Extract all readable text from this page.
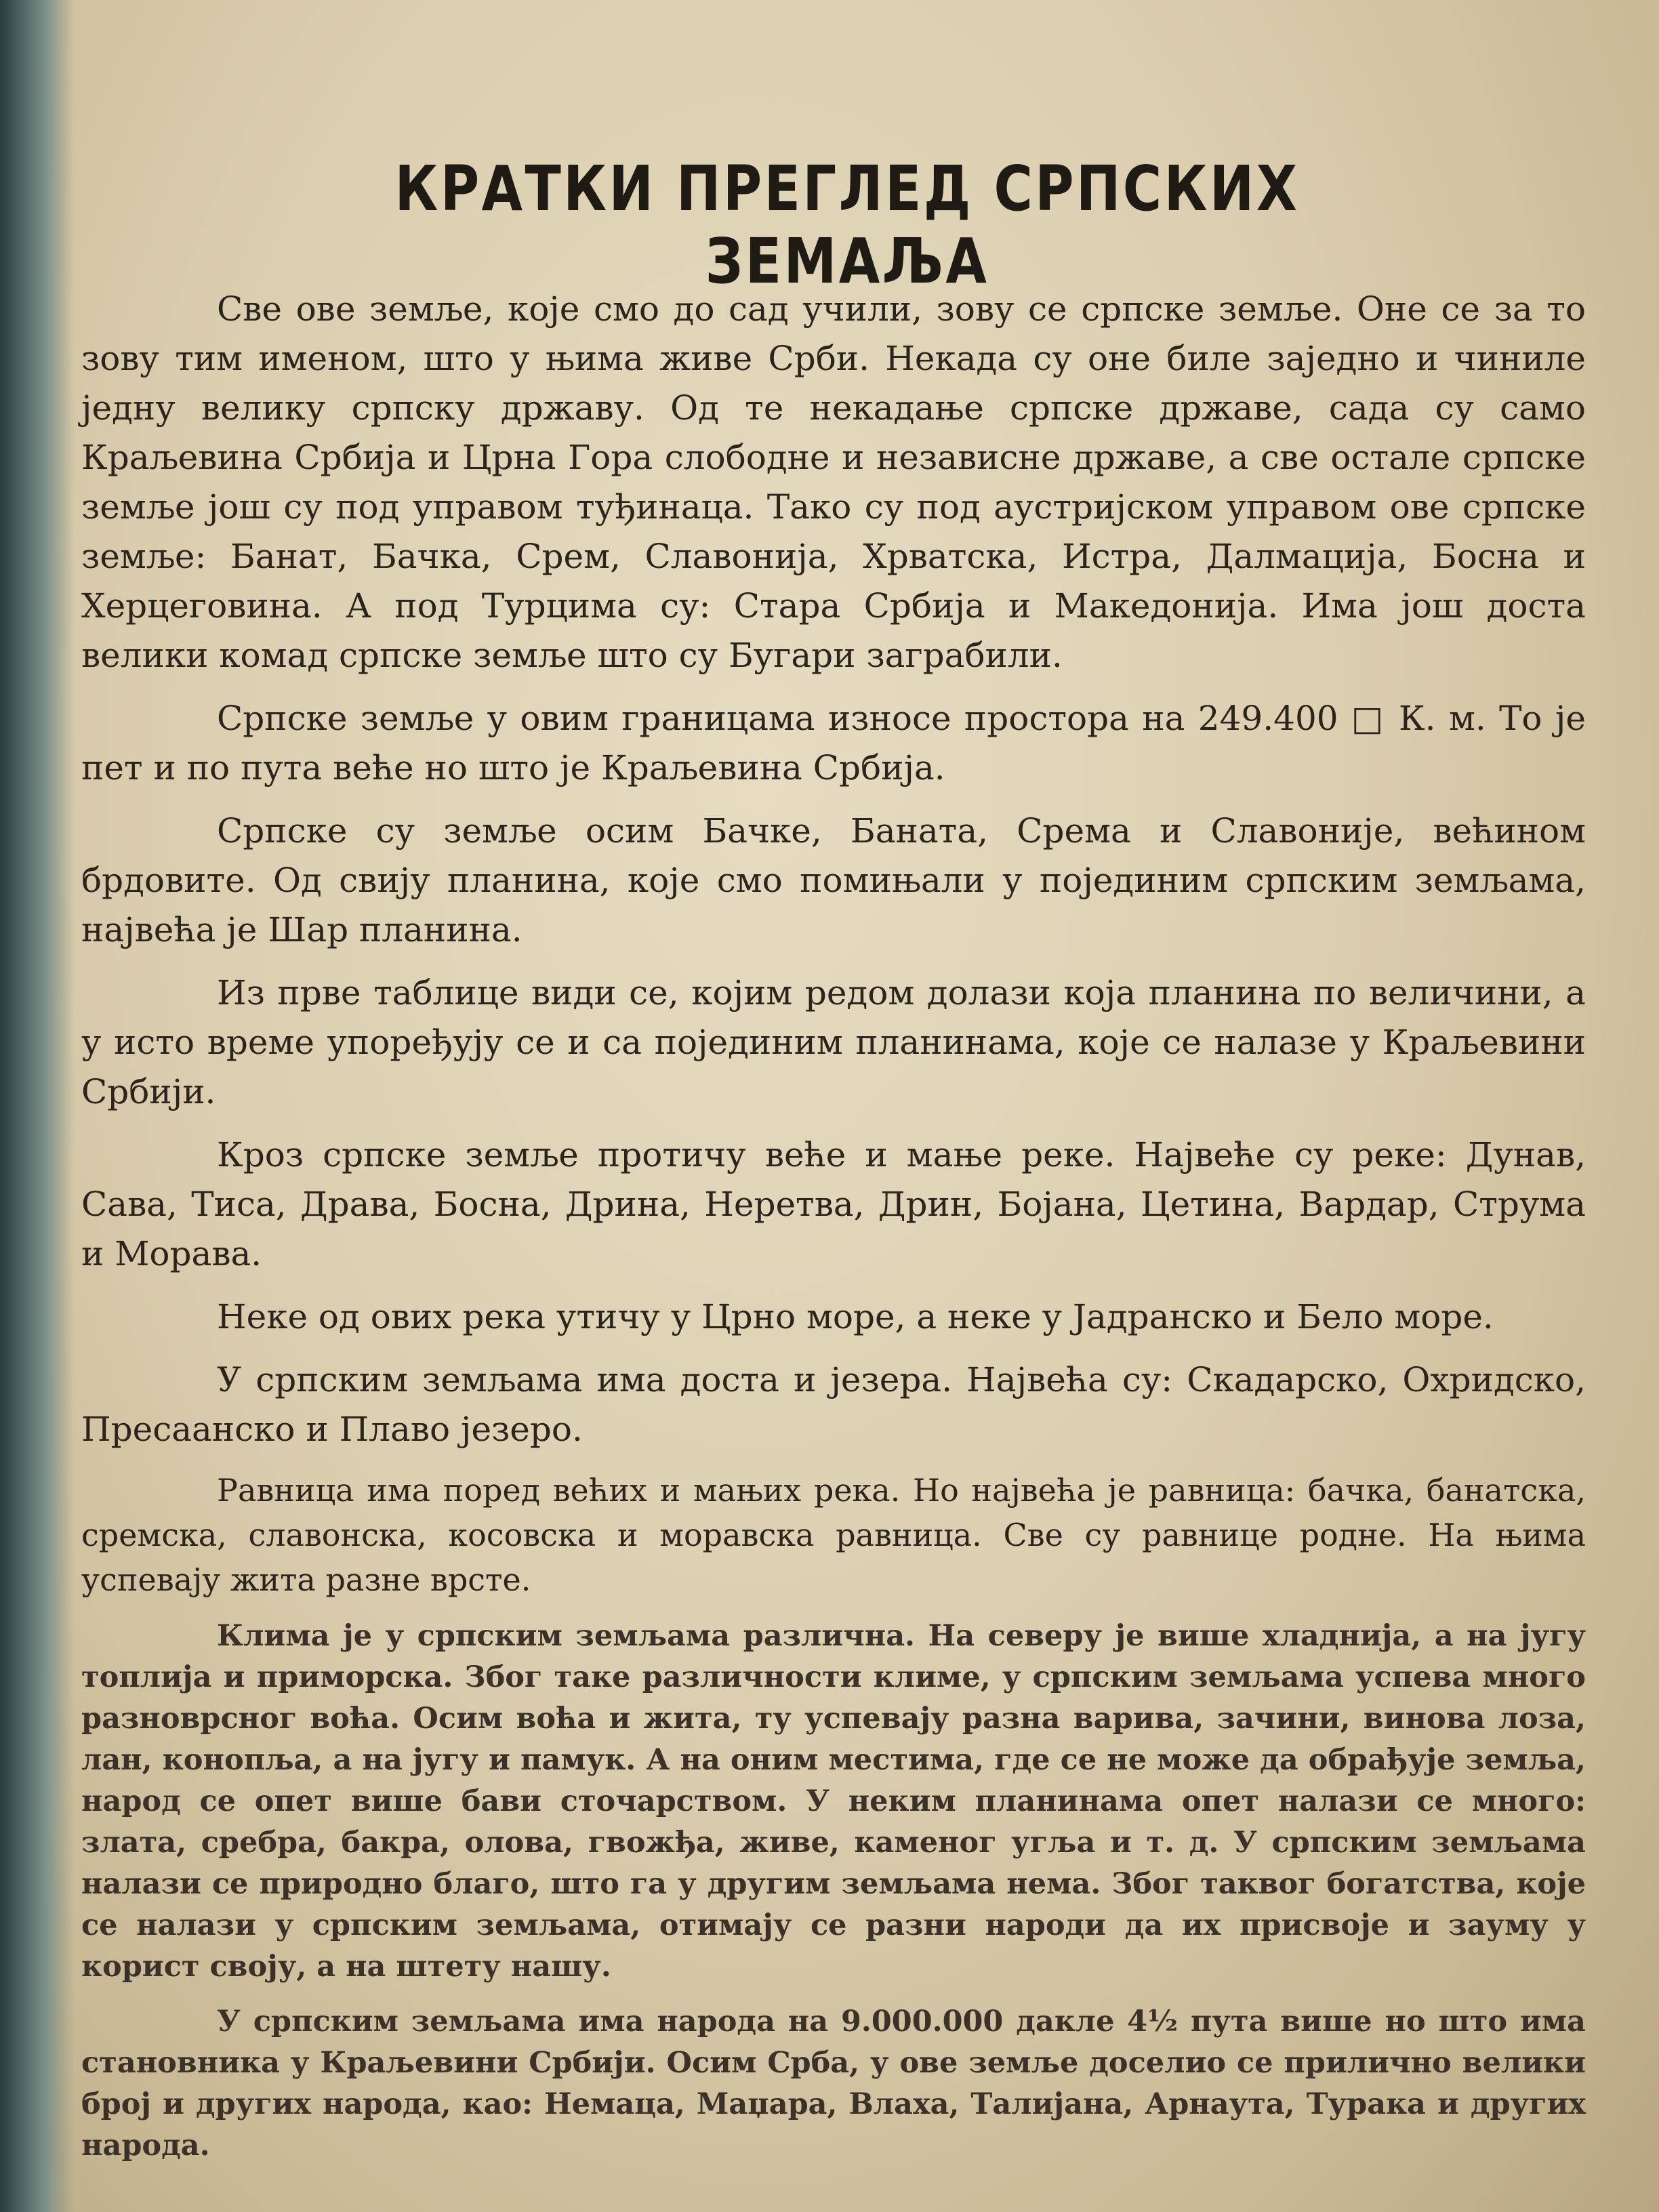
КРАТКИ ПРЕГЛЕД СРПСКИХ ЗЕМАЉА

Све ове земље, које смо до сад учили, зову се српске земље. Оне се за то зову тим именом, што у њима живе Срби. Некада су оне биле заједно и чиниле једну велику српску државу. Од те некадање српске државе, сада су само Краљевина Србија и Црна Гора слободне и независне државе, а све остале српске земље још су под управом туђинаца. Тако су под аустријском управом ове српске земље: Банат, Бачка, Срем, Славонија, Хрватска, Истра, Далмација, Босна и Херцеговина. А под Турцима су: Стара Србија и Македонија. Има још доста велики комад српске земље што су Бугари заграбили.

Српске земље у овим границама износе простора на 249.400 □ К. м. То је пет и по пута веће но што је Краљевина Србија.

Српске су земље осим Бачке, Баната, Срема и Славоније, већином брдовите. Од свију планина, које смо помињали у појединим српским земљама, највећа је Шар планина.

Из прве таблице види се, којим редом долази која планина по величини, а у исто време упоређују се и са појединим планинама, које се налазе у Краљевини Србији.

Кроз српске земље протичу веће и мање реке. Највеће су реке: Дунав, Сава, Тиса, Драва, Босна, Дрина, Неретва, Дрин, Бојана, Цетина, Вардар, Струма и Морава.

Неке од ових река утичу у Црно море, а неке у Јадранско и Бело море.

У српским земљама има доста и језера. Највећа су: Скадарско, Охридско, Пресаанско и Плаво језеро.

Равница има поред већих и мањих река. Но највећа је равница: бачка, банатска, сремска, славонска, косовска и моравска равница. Све су равнице родне. На њима успевају жита разне врсте.

Клима је у српским земљама различна. На северу је више хладнија, а на југу топлија и приморска. Због таке различности климе, у српским земљама успева много разноврсног воћа. Осим воћа и жита, ту успевају разна варива, зачини, винова лоза, лан, конопља, а на југу и памук. А на оним местима, где се не може да обрађује земља, народ се опет више бави сточарством. У неким планинама опет налази се много: злата, сребра, бакра, олова, гвожђа, живе, каменог угља и т. д. У српским земљама налази се природно благо, што га у другим земљама нема. Због таквог богатства, које се налази у српским земљама, отимају се разни народи да их присвоје и зауму у корист своју, а на штету нашу.

У српским земљама има народа на 9.000.000 дакле 4½ пута више но што има становника у Краљевини Србији. Осим Срба, у ове земље доселио се прилично велики број и других народа, као: Немаца, Маџара, Влаха, Талијана, Арнаута, Турака и других народа.
